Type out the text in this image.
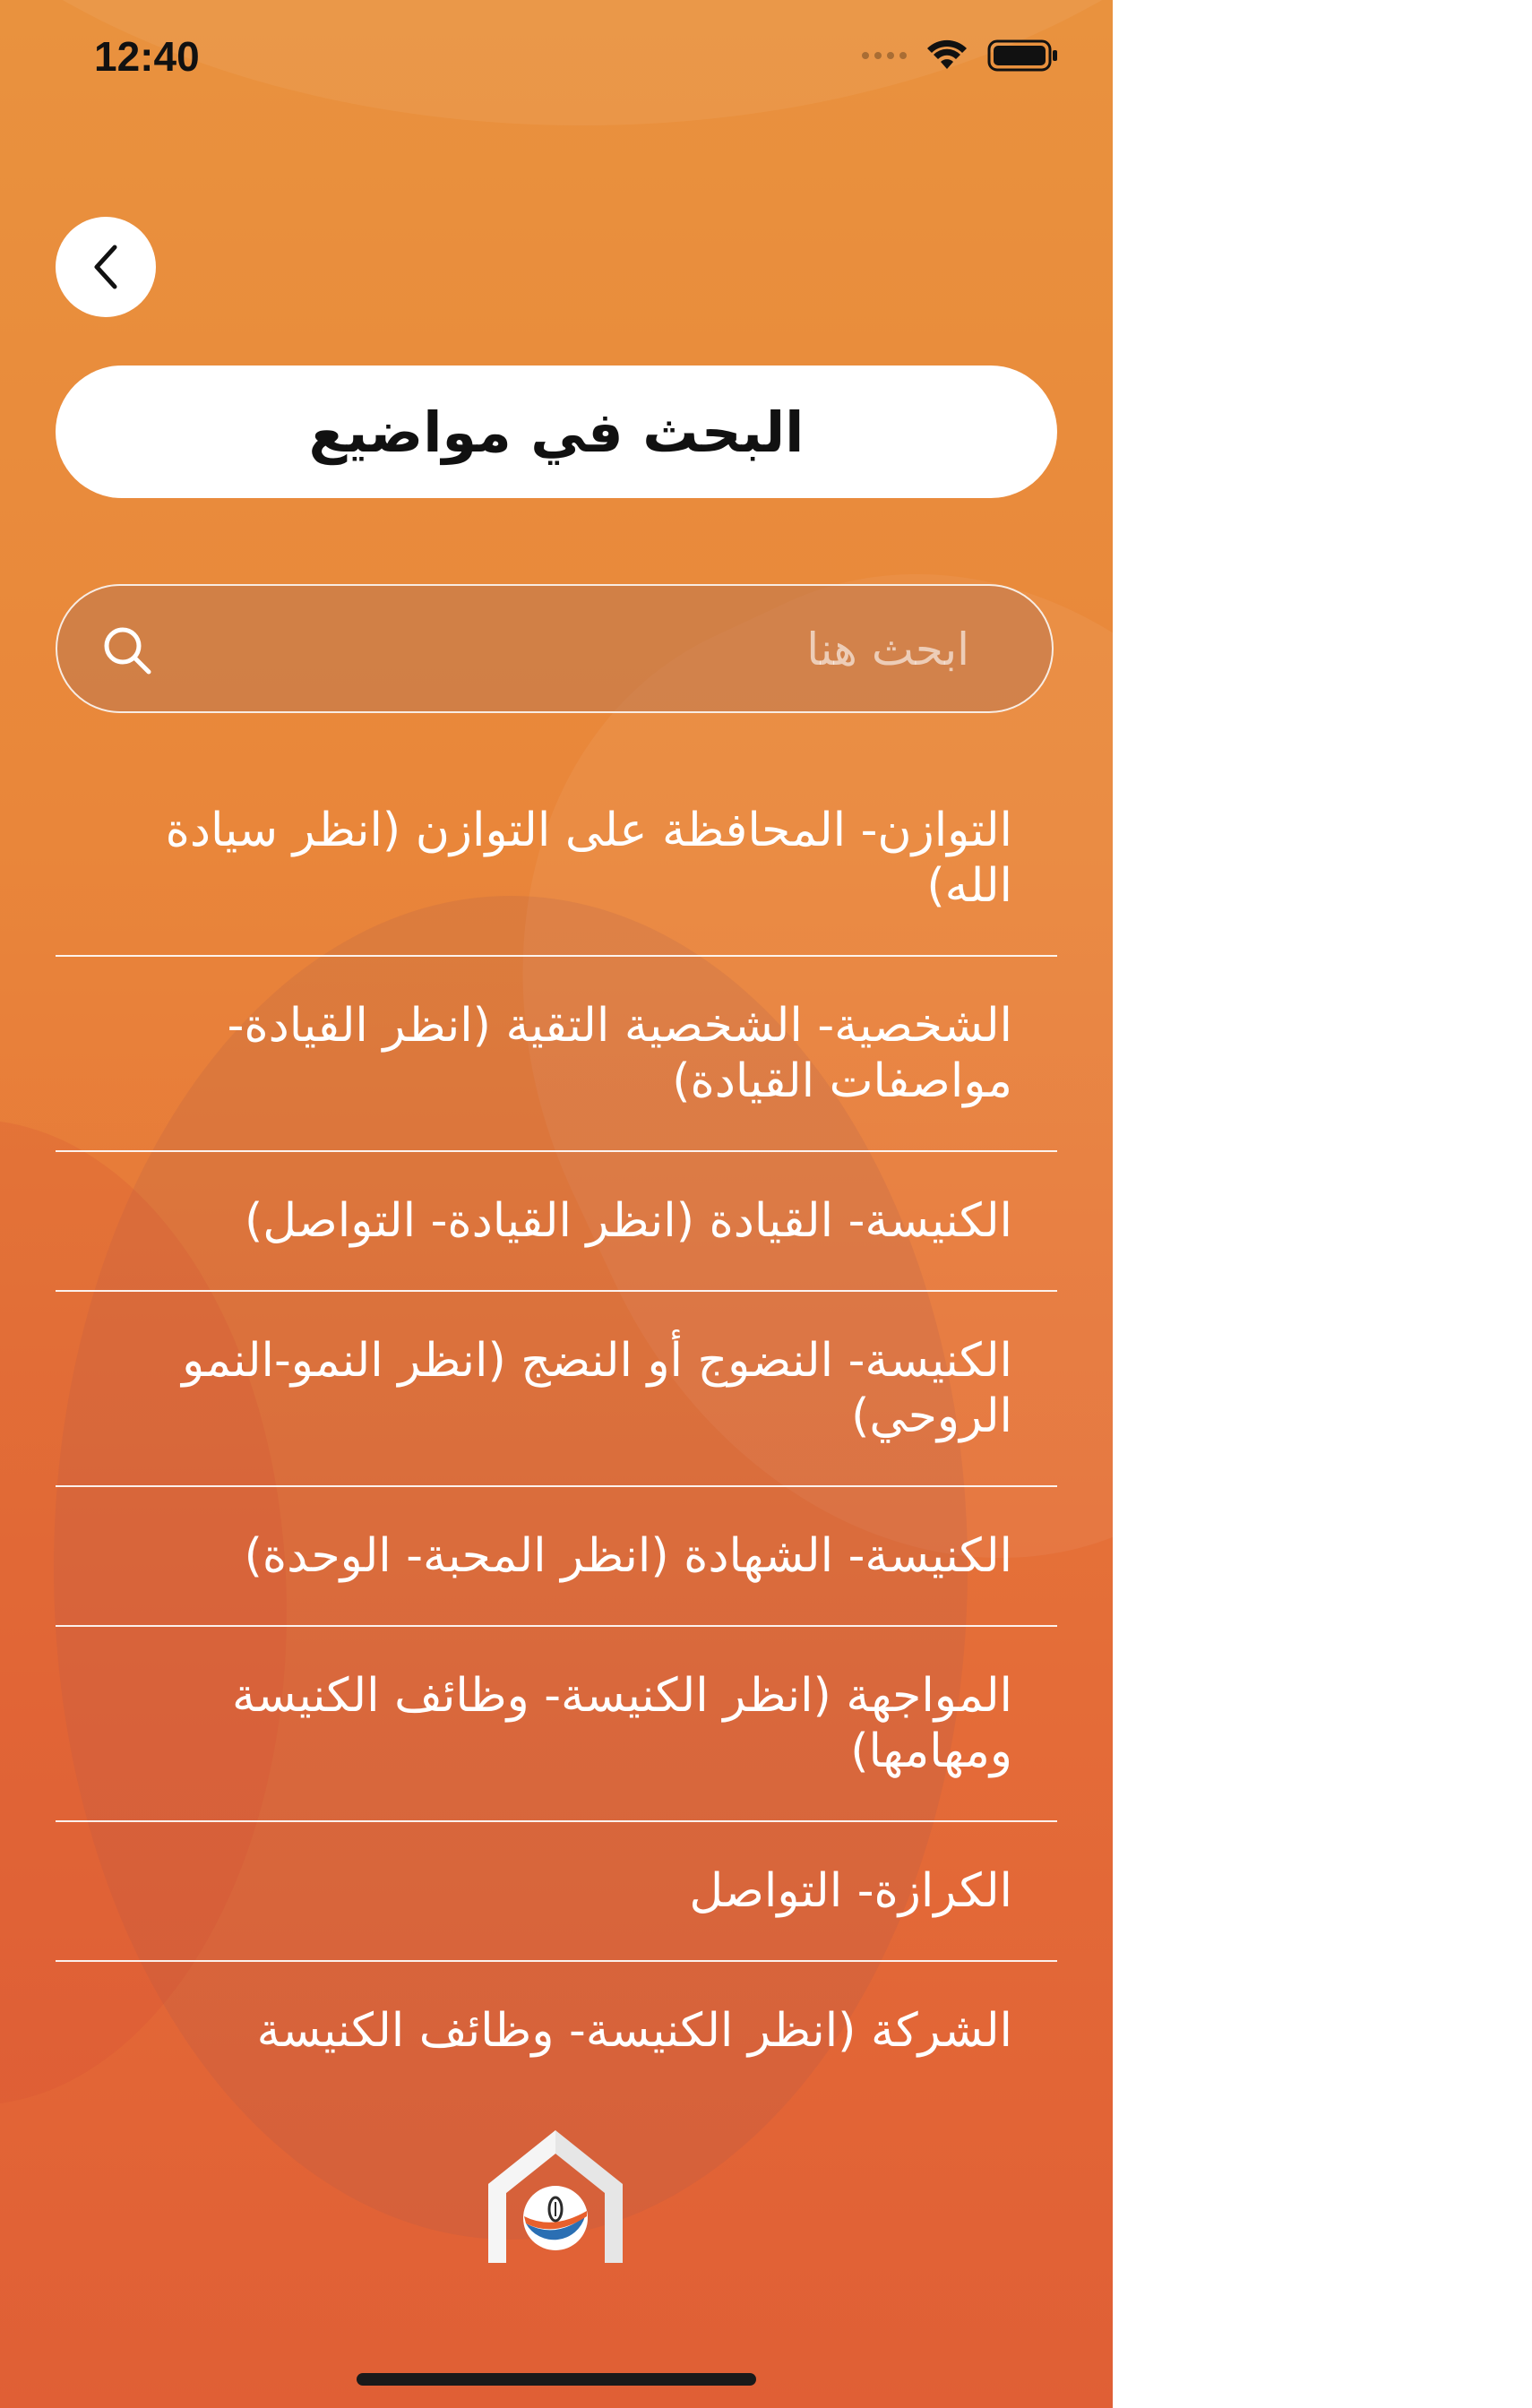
12:40
البحث في مواضيع
ابحث هنا
التوازن- المحافظة على التوازن (انظر سيادة الله)
الشخصية- الشخصية التقية (انظر القيادة- مواصفات القيادة)
الكنيسة- القيادة (انظر القيادة- التواصل)
الكنيسة- النضوج أو النضج (انظر النمو-النمو الروحي)
الكنيسة- الشهادة (انظر المحبة- الوحدة)
المواجهة (انظر الكنيسة- وظائف الكنيسة ومهامها)
الكرازة- التواصل
الشركة (انظر الكنيسة- وظائف الكنيسة
